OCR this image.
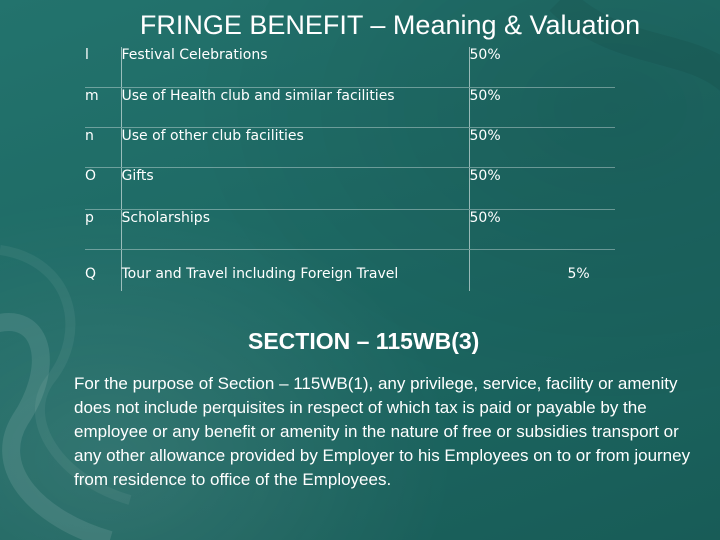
FRINGE BENEFIT – Meaning & Valuation
l	Festival Celebrations	50%
m	Use of Health club and similar facilities	50%
n	Use of other club facilities	50%
O	Gifts	50%
p	Scholarships	50%
Q	Tour and Travel including Foreign Travel	5%
SECTION – 115WB(3)
For the purpose of Section – 115WB(1), any privilege, service, facility or amenity does not include perquisites in respect of which tax is paid or payable by the employee or any benefit or amenity in the nature of free or subsidies transport or any other allowance provided by Employer to his Employees on to or from journey from residence to office of the Employees.
